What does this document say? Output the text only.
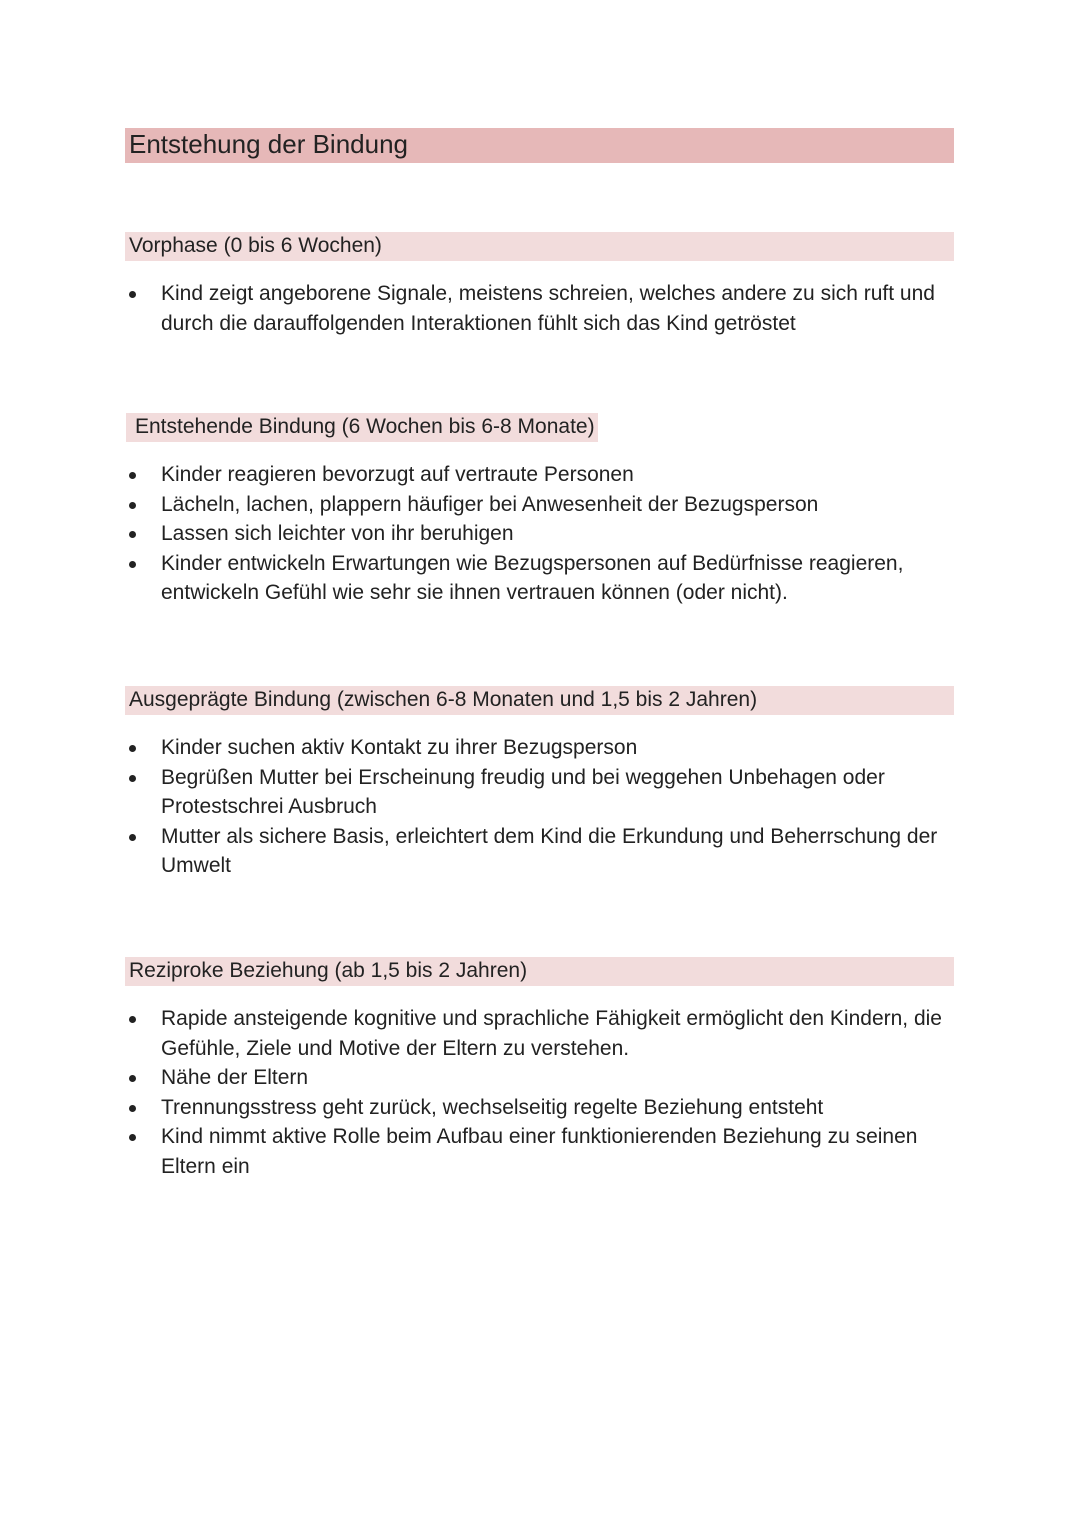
Entstehung der Bindung
Vorphase (0 bis 6 Wochen)
Kind zeigt angeborene Signale, meistens schreien, welches andere zu sich ruft und durch die darauffolgenden Interaktionen fühlt sich das Kind getröstet
Entstehende Bindung (6 Wochen bis 6-8 Monate)
Kinder reagieren bevorzugt auf vertraute Personen
Lächeln, lachen, plappern häufiger bei Anwesenheit der Bezugsperson
Lassen sich leichter von ihr beruhigen
Kinder entwickeln Erwartungen wie Bezugspersonen auf Bedürfnisse reagieren, entwickeln Gefühl wie sehr sie ihnen vertrauen können (oder nicht).
Ausgeprägte Bindung (zwischen 6-8 Monaten und 1,5 bis 2 Jahren)
Kinder suchen aktiv Kontakt zu ihrer Bezugsperson
Begrüßen Mutter bei Erscheinung freudig und bei weggehen Unbehagen oder Protestschrei Ausbruch
Mutter als sichere Basis, erleichtert dem Kind die Erkundung und Beherrschung der Umwelt
Reziproke Beziehung (ab 1,5 bis 2 Jahren)
Rapide ansteigende kognitive und sprachliche Fähigkeit ermöglicht den Kindern, die Gefühle, Ziele und Motive der Eltern zu verstehen.
Nähe der Eltern
Trennungsstress geht zurück, wechselseitig regelte Beziehung entsteht
Kind nimmt aktive Rolle beim Aufbau einer funktionierenden Beziehung zu seinen Eltern ein
